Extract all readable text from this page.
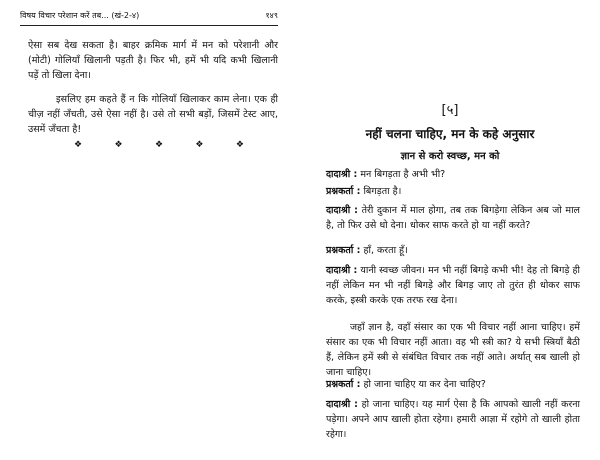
विषय विचार परेशान करें तब... (खं-2-४)	१४९

ऐसा सब देख सकता है। बाहर क्रमिक मार्ग में मन को परेशानी और (मोटी) गोलियाँ खिलानी पड़ती है। फिर भी, हमें भी यदि कभी खिलानी पड़ें तो खिला देना।

इसलिए हम कहते हैं न कि गोलियाँ खिलाकर काम लेना। एक ही चीज़ नहीं जँचती, उसे ऐसा नहीं है। उसे तो सभी बड़ों, जिसमें टेस्ट आए, उसमें जँचता है!

❖	❖	❖	❖	❖
[५]
नहीं चलना चाहिए, मन के कहे अनुसार
ज्ञान से करो स्वच्छ, मन को

दादाश्री : मन बिगड़ता है अभी भी?

प्रश्नकर्ता : बिगड़ता है।

दादाश्री : तेरी दुकान में माल होगा, तब तक बिगड़ेगा लेकिन अब जो माल है, तो फिर उसे धो देना। धोकर साफ करते हो या नहीं करते?

प्रश्नकर्ता : हाँ, करता हूँ।

दादाश्री : यानी स्वच्छ जीवन। मन भी नहीं बिगड़े कभी भी! देह तो बिगड़े ही नहीं लेकिन मन भी नहीं बिगड़े और बिगड़ जाए तो तुरंत ही धोकर साफ करके, इस्त्री करके एक तरफ रख देना।

जहाँ ज्ञान है, वहाँ संसार का एक भी विचार नहीं आना चाहिए। हमें संसार का एक भी विचार नहीं आता। वह भी स्त्री का? ये सभी स्त्रियाँ बैठी हैं, लेकिन हमें स्त्री से संबंधित विचार तक नहीं आते। अर्थात् सब खाली हो जाना चाहिए।

प्रश्नकर्ता : हो जाना चाहिए या कर देना चाहिए?

दादाश्री : हो जाना चाहिए। यह मार्ग ऐसा है कि आपको खाली नहीं करना पड़ेगा। अपने आप खाली होता रहेगा। हमारी आज्ञा में रहोगे तो खाली होता रहेगा।
